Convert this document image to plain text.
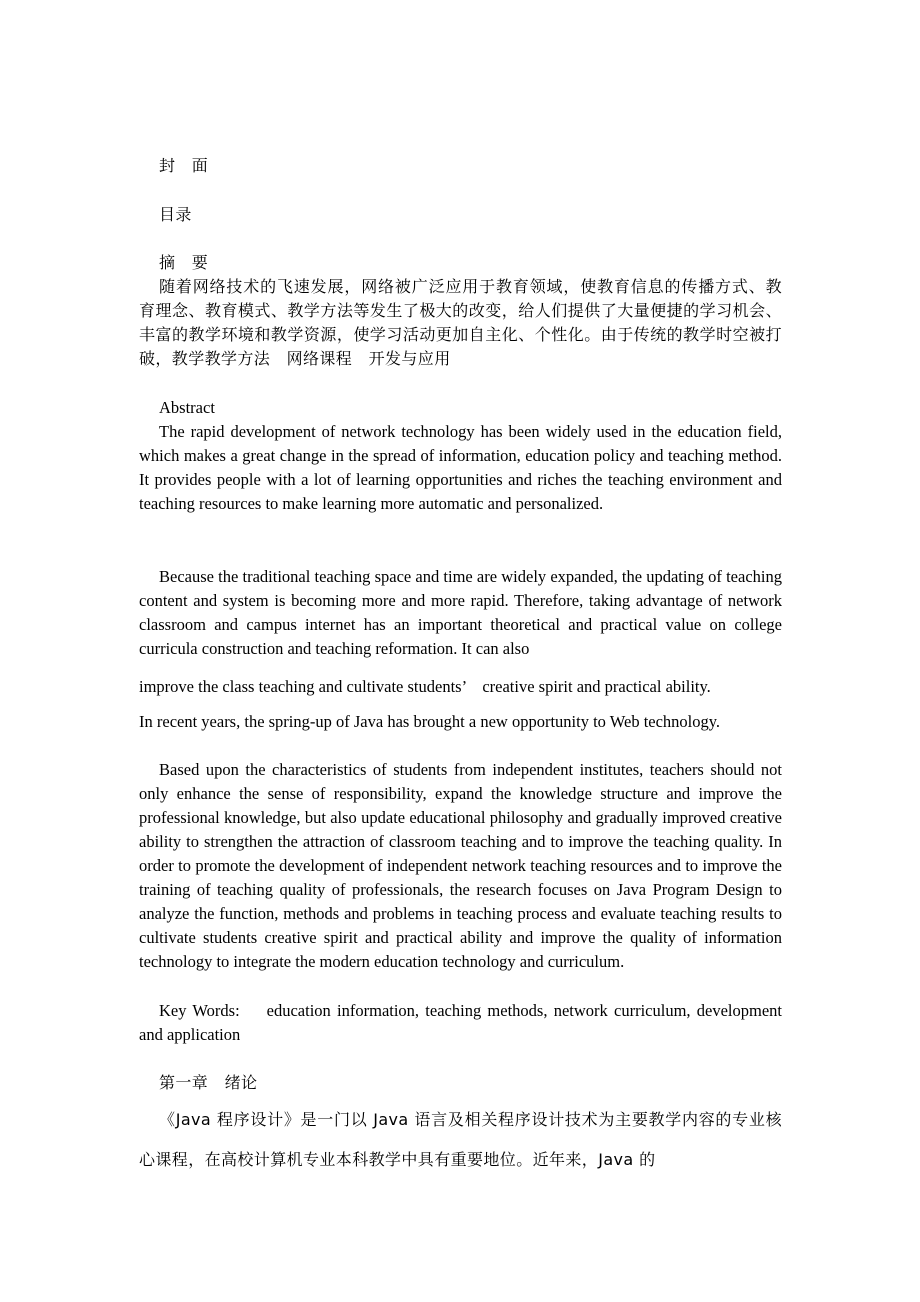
封　面
目录
摘　要
随着网络技术的飞速发展，网络被广泛应用于教育领域，使教育信息的传播方式、教育理念、教育模式、教学方法等发生了极大的改变，给人们提供了大量便捷的学习机会、丰富的教学环境和教学资源，使学习活动更加自主化、个性化。由于传统的教学时空被打破，教学教学方法　网络课程　开发与应用
Abstract
The rapid development of network technology has been widely used in the education field, which makes a great change in the spread of information, education policy and teaching method. It provides people with a lot of learning opportunities and riches the teaching environment and teaching resources to make learning more automatic and personalized.
Because the traditional teaching space and time are widely expanded, the updating of teaching content and system is becoming more and more rapid. Therefore, taking advantage of network classroom and campus internet has an important theoretical and practical value on college curricula construction and teaching reformation. It can also
improve the class teaching and cultivate students’　creative spirit and practical ability.
In recent years, the spring-up of Java has brought a new opportunity to Web technology.
Based upon the characteristics of students from independent institutes, teachers should not only enhance the sense of responsibility, expand the knowledge structure and improve the professional knowledge, but also update educational philosophy and gradually improved creative ability to strengthen the attraction of classroom teaching and to improve the teaching quality. In order to promote the development of independent network teaching resources and to improve the training of teaching quality of professionals, the research focuses on Java Program Design to analyze the function, methods and problems in teaching process and evaluate teaching results to cultivate students creative spirit and practical ability and improve the quality of information technology to integrate the modern education technology and curriculum.
Key Words:　 education information, teaching methods, network curriculum, development and application
第一章　绪论
《Java 程序设计》是一门以 Java 语言及相关程序设计技术为主要教学内容的专业核心课程，在高校计算机专业本科教学中具有重要地位。近年来，Java 的
